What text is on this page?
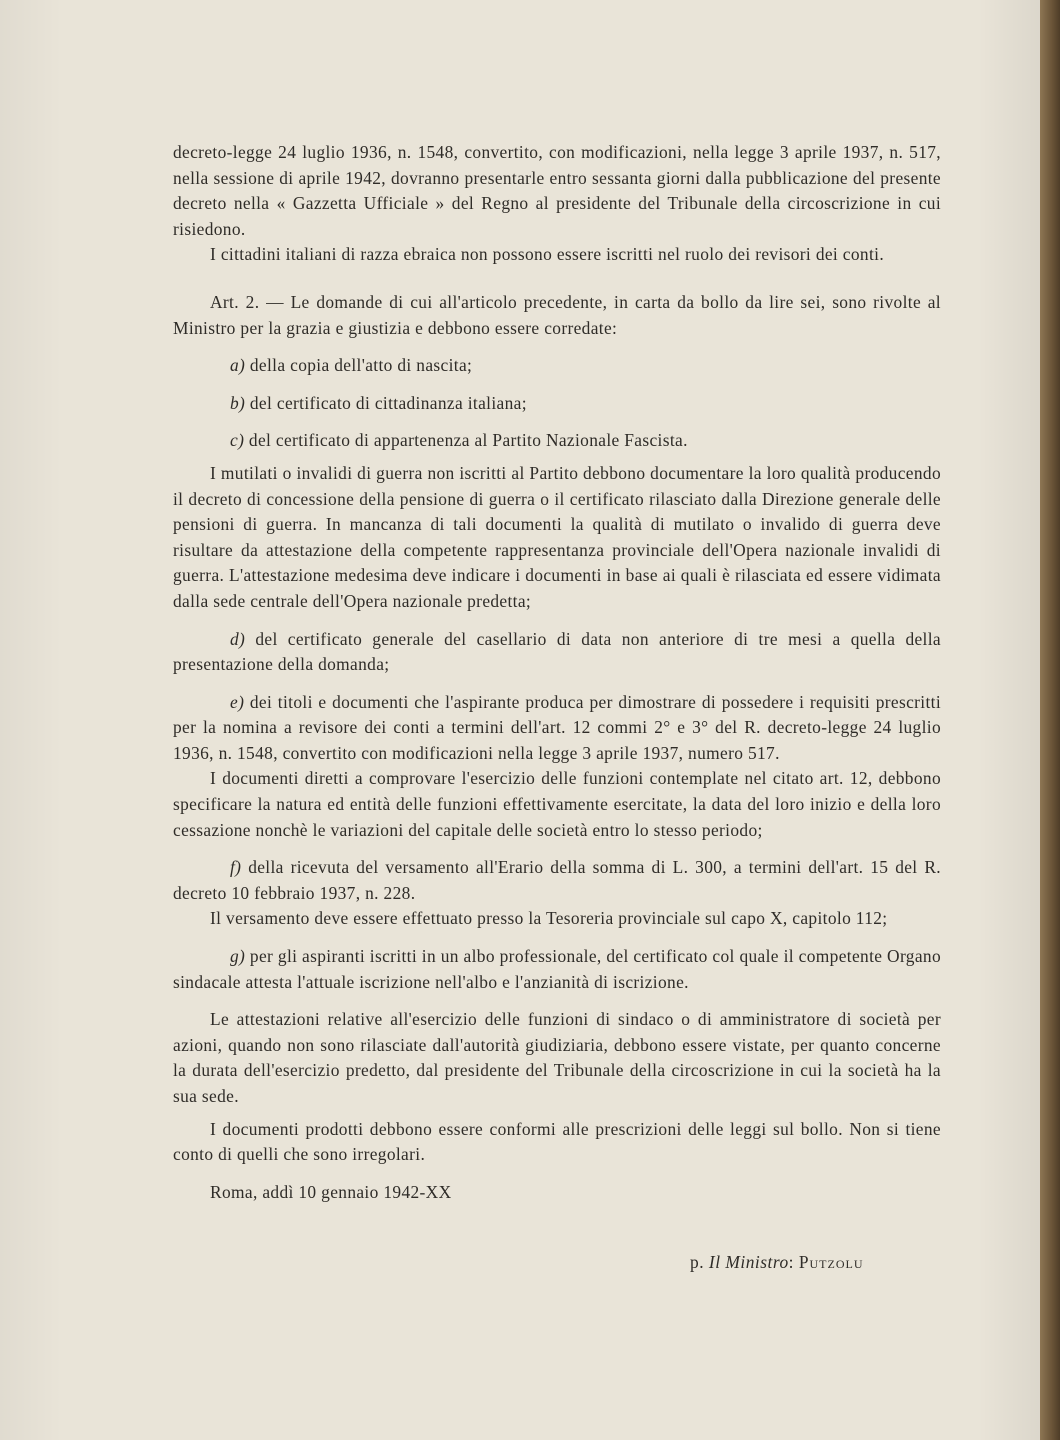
decreto-legge 24 luglio 1936, n. 1548, convertito, con modificazioni, nella legge 3 aprile 1937, n. 517, nella sessione di aprile 1942, dovranno presentarle entro sessanta giorni dalla pubblicazione del presente decreto nella « Gazzetta Ufficiale » del Regno al presidente del Tribunale della circoscrizione in cui risiedono.

I cittadini italiani di razza ebraica non possono essere iscritti nel ruolo dei revisori dei conti.

Art. 2. — Le domande di cui all'articolo precedente, in carta da bollo da lire sei, sono rivolte al Ministro per la grazia e giustizia e debbono essere corredate:

a) della copia dell'atto di nascita;

b) del certificato di cittadinanza italiana;

c) del certificato di appartenenza al Partito Nazionale Fascista.

I mutilati o invalidi di guerra non iscritti al Partito debbono documentare la loro qualità producendo il decreto di concessione della pensione di guerra o il certificato rilasciato dalla Direzione generale delle pensioni di guerra. In mancanza di tali documenti la qualità di mutilato o invalido di guerra deve risultare da attestazione della competente rappresentanza provinciale dell'Opera nazionale invalidi di guerra. L'attestazione medesima deve indicare i documenti in base ai quali è rilasciata ed essere vidimata dalla sede centrale dell'Opera nazionale predetta;

d) del certificato generale del casellario di data non anteriore di tre mesi a quella della presentazione della domanda;

e) dei titoli e documenti che l'aspirante produca per dimostrare di possedere i requisiti prescritti per la nomina a revisore dei conti a termini dell'art. 12 commi 2° e 3° del R. decreto-legge 24 luglio 1936, n. 1548, convertito con modificazioni nella legge 3 aprile 1937, numero 517.

I documenti diretti a comprovare l'esercizio delle funzioni contemplate nel citato art. 12, debbono specificare la natura ed entità delle funzioni effettivamente esercitate, la data del loro inizio e della loro cessazione nonchè le variazioni del capitale delle società entro lo stesso periodo;

f) della ricevuta del versamento all'Erario della somma di L. 300, a termini dell'art. 15 del R. decreto 10 febbraio 1937, n. 228.

Il versamento deve essere effettuato presso la Tesoreria provinciale sul capo X, capitolo 112;

g) per gli aspiranti iscritti in un albo professionale, del certificato col quale il competente Organo sindacale attesta l'attuale iscrizione nell'albo e l'anzianità di iscrizione.

Le attestazioni relative all'esercizio delle funzioni di sindaco o di amministratore di società per azioni, quando non sono rilasciate dall'autorità giudiziaria, debbono essere vistate, per quanto concerne la durata dell'esercizio predetto, dal presidente del Tribunale della circoscrizione in cui la società ha la sua sede.

I documenti prodotti debbono essere conformi alle prescrizioni delle leggi sul bollo. Non si tiene conto di quelli che sono irregolari.

Roma, addì 10 gennaio 1942-XX

p. Il Ministro: Putzolu
